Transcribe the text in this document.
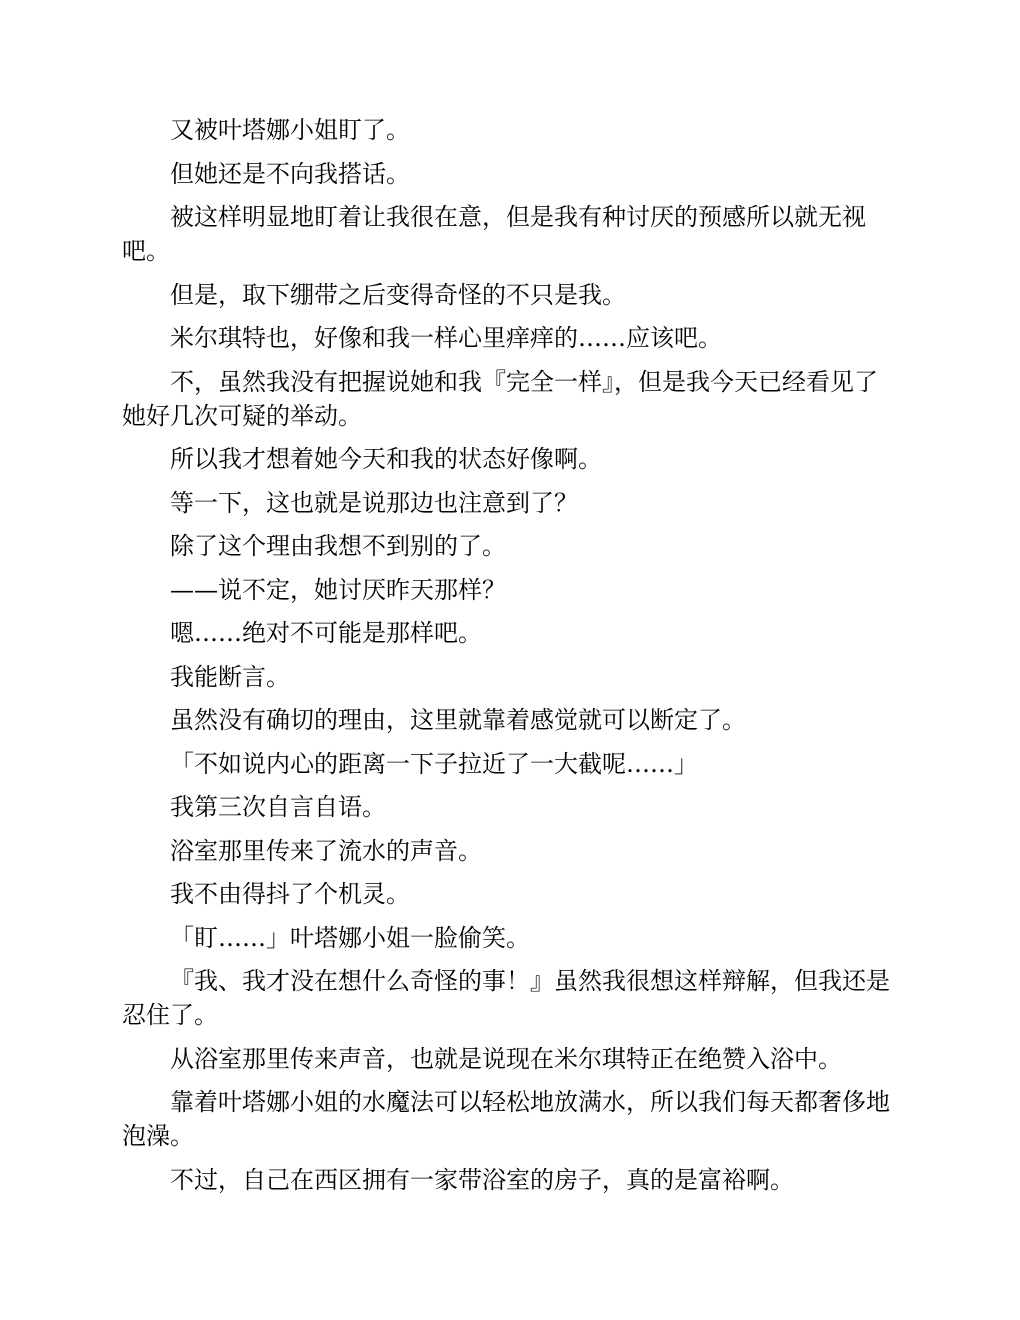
又被叶塔娜小姐盯了。

但她还是不向我搭话。

被这样明显地盯着让我很在意，但是我有种讨厌的预感所以就无视吧。

但是，取下绷带之后变得奇怪的不只是我。

米尔琪特也，好像和我一样心里痒痒的……应该吧。

不，虽然我没有把握说她和我『完全一样』，但是我今天已经看见了她好几次可疑的举动。

所以我才想着她今天和我的状态好像啊。

等一下，这也就是说那边也注意到了？

除了这个理由我想不到别的了。

——说不定，她讨厌昨天那样？

嗯……绝对不可能是那样吧。

我能断言。

虽然没有确切的理由，这里就靠着感觉就可以断定了。

「不如说内心的距离一下子拉近了一大截呢……」

我第三次自言自语。

浴室那里传来了流水的声音。

我不由得抖了个机灵。

「盯……」叶塔娜小姐一脸偷笑。

『我、我才没在想什么奇怪的事！』虽然我很想这样辩解，但我还是忍住了。

从浴室那里传来声音，也就是说现在米尔琪特正在绝赞入浴中。

靠着叶塔娜小姐的水魔法可以轻松地放满水，所以我们每天都奢侈地泡澡。

不过，自己在西区拥有一家带浴室的房子，真的是富裕啊。
